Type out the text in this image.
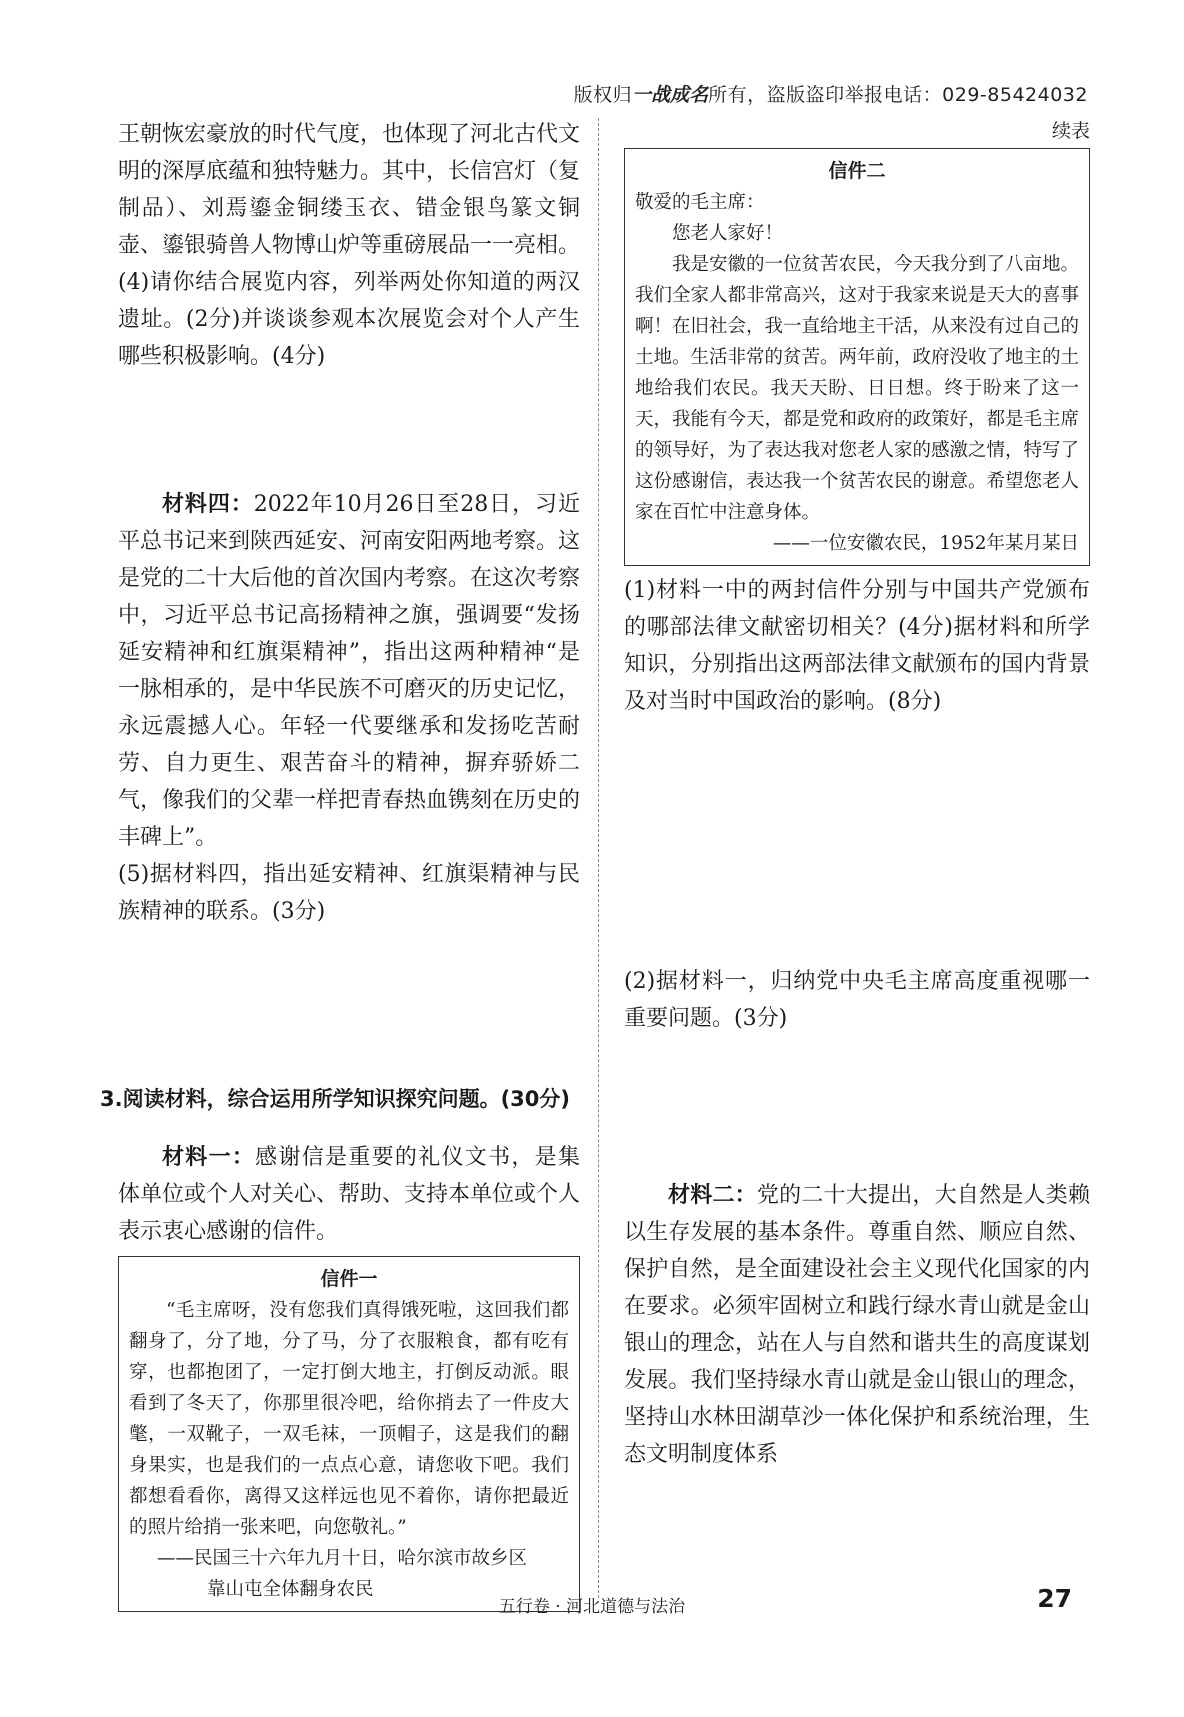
版权归一战成名所有，盗版盗印举报电话：029-85424032

王朝恢宏豪放的时代气度，也体现了河北古代文明的深厚底蕴和独特魅力。其中，长信宫灯（复制品）、刘焉鎏金铜缕玉衣、错金银鸟篆文铜壶、鎏银骑兽人物博山炉等重磅展品一一亮相。

(4)请你结合展览内容，列举两处你知道的两汉遗址。(2分)并谈谈参观本次展览会对个人产生哪些积极影响。(4分)

材料四：2022年10月26日至28日，习近平总书记来到陕西延安、河南安阳两地考察。这是党的二十大后他的首次国内考察。在这次考察中，习近平总书记高扬精神之旗，强调要“发扬延安精神和红旗渠精神”，指出这两种精神“是一脉相承的，是中华民族不可磨灭的历史记忆，永远震撼人心。年轻一代要继承和发扬吃苦耐劳、自力更生、艰苦奋斗的精神，摒弃骄娇二气，像我们的父辈一样把青春热血镌刻在历史的丰碑上”。

(5)据材料四，指出延安精神、红旗渠精神与民族精神的联系。(3分)

3.阅读材料，综合运用所学知识探究问题。(30分)

材料一：感谢信是重要的礼仪文书，是集体单位或个人对关心、帮助、支持本单位或个人表示衷心感谢的信件。

信件一

“毛主席呀，没有您我们真得饿死啦，这回我们都翻身了，分了地，分了马，分了衣服粮食，都有吃有穿，也都抱团了，一定打倒大地主，打倒反动派。眼看到了冬天了，你那里很冷吧，给你捎去了一件皮大氅，一双靴子，一双毛袜，一顶帽子，这是我们的翻身果实，也是我们的一点点心意，请您收下吧。我们都想看看你，离得又这样远也见不着你，请你把最近的照片给捎一张来吧，向您敬礼。”

——民国三十六年九月十日，哈尔滨市故乡区

靠山屯全体翻身农民

续表

信件二

敬爱的毛主席：

您老人家好！

我是安徽的一位贫苦农民，今天我分到了八亩地。我们全家人都非常高兴，这对于我家来说是天大的喜事啊！在旧社会，我一直给地主干活，从来没有过自己的土地。生活非常的贫苦。两年前，政府没收了地主的土地给我们农民。我天天盼、日日想。终于盼来了这一天，我能有今天，都是党和政府的政策好，都是毛主席的领导好，为了表达我对您老人家的感激之情，特写了这份感谢信，表达我一个贫苦农民的谢意。希望您老人家在百忙中注意身体。

——一位安徽农民，1952年某月某日

(1)材料一中的两封信件分别与中国共产党颁布的哪部法律文献密切相关？(4分)据材料和所学知识，分别指出这两部法律文献颁布的国内背景及对当时中国政治的影响。(8分)

(2)据材料一，归纳党中央毛主席高度重视哪一重要问题。(3分)

材料二：党的二十大提出，大自然是人类赖以生存发展的基本条件。尊重自然、顺应自然、保护自然，是全面建设社会主义现代化国家的内在要求。必须牢固树立和践行绿水青山就是金山银山的理念，站在人与自然和谐共生的高度谋划发展。我们坚持绿水青山就是金山银山的理念，坚持山水林田湖草沙一体化保护和系统治理，生态文明制度体系

五行卷 · 河北道德与法治	27
